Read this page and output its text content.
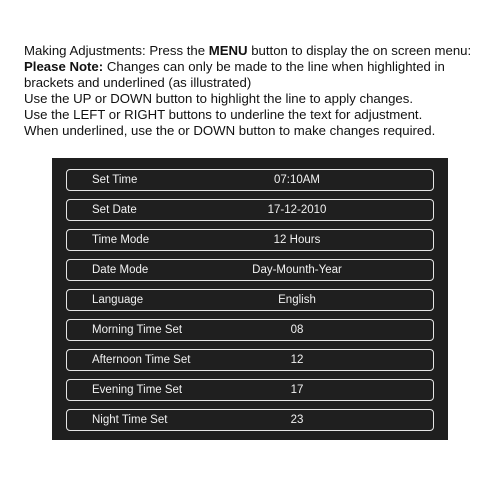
Making Adjustments: Press the MENU button to display the on screen menu:

Please Note: Changes can only be made to the line when highlighted in

brackets and underlined (as illustrated)

Use the UP or DOWN button to highlight the line to apply changes.

Use the LEFT or RIGHT buttons to underline the text for adjustment.

When underlined, use the or DOWN button to make changes required.

Set Time	07:10AM
Set Date	17-12-2010
Time Mode	12 Hours
Date Mode	Day-Mounth-Year
Language	English
Morning Time Set	08
Afternoon Time Set	12
Evening Time Set	17
Night Time Set	23
